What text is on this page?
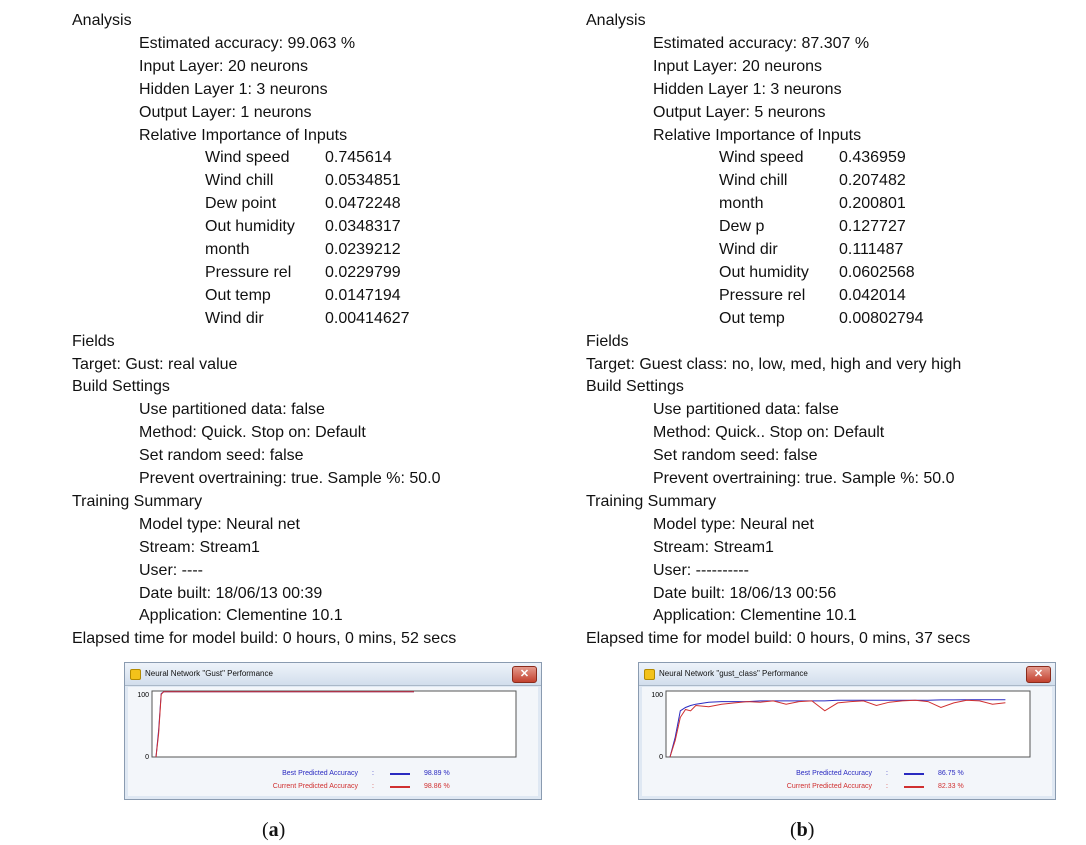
Analysis
Estimated accuracy: 99.063 %
Input Layer: 20 neurons
Hidden Layer 1: 3 neurons
Output Layer: 1 neurons
Relative Importance of Inputs
Wind speed 0.745614
Wind chill	0.0534851
Dew point	0.0472248
Out humidity 0.0348317
month	0.0239212
Pressure rel 0.0229799
Out temp	0.0147194
Wind dir	0.00414627
Fields
Target: Gust: real value
Build Settings
Use partitioned data: false
Method: Quick. Stop on: Default
Set random seed: false
Prevent overtraining: true. Sample %: 50.0
Training Summary
Model type: Neural net
Stream: Stream1
User: ----
Date built: 18/06/13 00:39
Application: Clementine 10.1
Elapsed time for model build: 0 hours, 0 mins, 52 secs
Neural Network "Gust" Performance	✕
100
0
Best Predicted Accuracy :	98.89 %
Current Predicted Accuracy :	98.86 %
Analysis
Estimated accuracy: 87.307 %
Input Layer: 20 neurons
Hidden Layer 1: 3 neurons
Output Layer: 5 neurons
Relative Importance of Inputs
Wind speed 0.436959
Wind chill	0.207482
month	0.200801
Dew p	0.127727
Wind dir	0.111487
Out humidity 0.0602568
Pressure rel 0.042014
Out temp	0.00802794
Fields
Target: Guest class: no, low, med, high and very high
Build Settings
Use partitioned data: false
Method: Quick.. Stop on: Default
Set random seed: false
Prevent overtraining: true. Sample %: 50.0
Training Summary
Model type: Neural net
Stream: Stream1
User: ----------
Date built: 18/06/13 00:56
Application: Clementine 10.1
Elapsed time for model build: 0 hours, 0 mins, 37 secs
Neural Network "gust_class" Performance	✕
100
0
Best Predicted Accuracy :	86.75 %
Current Predicted Accuracy :	82.33 %
(a)	(b)
